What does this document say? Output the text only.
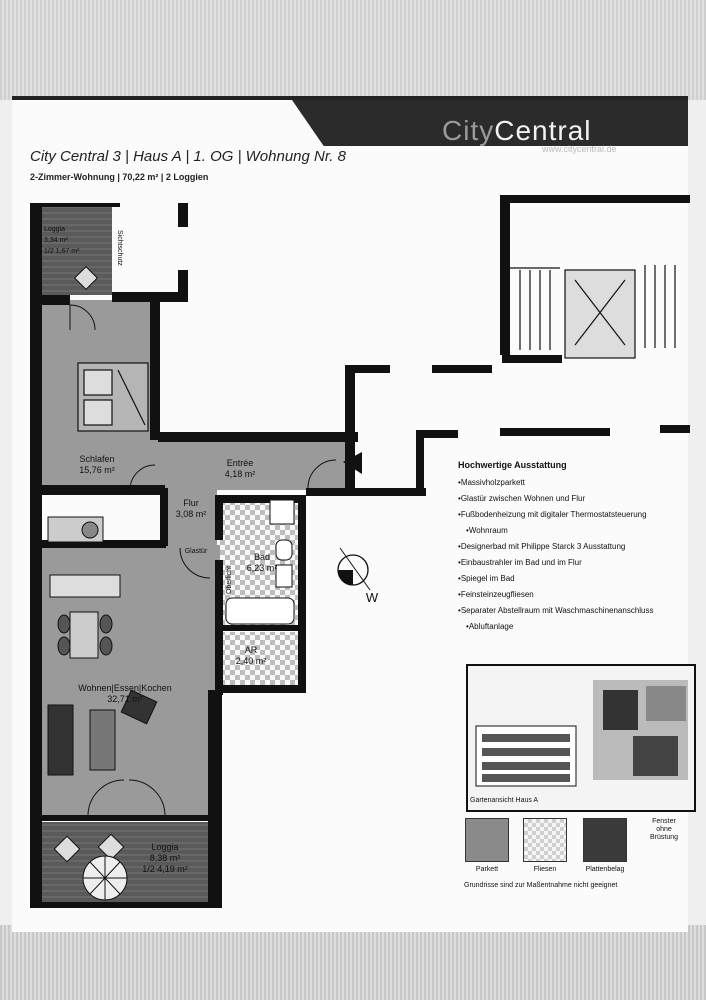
CityCentral
www.citycentral.de
City Central 3 | Haus A | 1. OG | Wohnung Nr. 8
2-Zimmer-Wohnung | 70,22 m² | 2 Loggien
Loggia
3,34 m²
1/2 1,67 m²	Sichtschutz
Schlafen
15,76 m²
Entrée
4,18 m²
Flur
3,08 m²
Glastür
Bad
6,23 m²
Oberlicht
AR
2,40 m²
Wohnen|Essen|Kochen
32,71 m²
Loggia
8,38 m²
1/2 4,19 m²
W
Hochwertige Ausstattung
• Massivholzparkett
• Glastür zwischen Wohnen und Flur
• Fußbodenheizung mit digitaler Thermostatsteuerung
• Wohnraum
• Designerbad mit Philippe Starck 3 Ausstattung
• Einbaustrahler im Bad und im Flur
• Spiegel im Bad
• Feinsteinzeugfliesen
• Separater Abstellraum mit Waschmaschinenanschluss
• Abluftanlage
Gartenansicht Haus A
Parkett	Fliesen	Plattenbelag
Fenster
ohne
Brüstung
Grundrisse sind zur Maßentnahme nicht geeignet
